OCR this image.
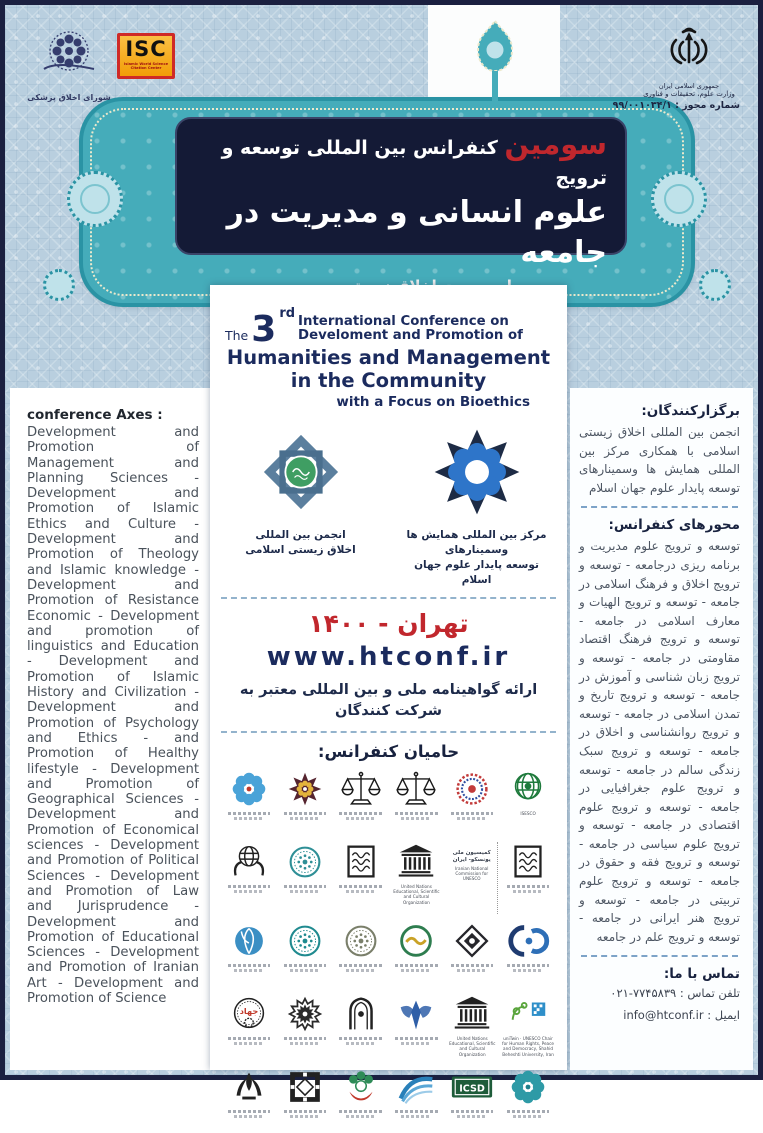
سومین کنفرانس بین المللی توسعه و ترویج
علوم انسانی و مدیریت در جامعه
شورای اخلاق پزشکی
ISC
Islamic World Science Citation Center
جمهوری اسلامی ایران
وزارت علوم، تحقیقات و فناوری
شماره مجوز : ۹۹/۰۰۱۰۳۴/۱
conference Axes :
Development and Promotion of Management and Planning Sciences - Development and Promotion of Islamic Ethics and Culture - Development and Promotion of Theology and Islamic knowledge - Development and Promotion of Resistance Economic - Development and promotion of linguistics and Education - Development and Promotion of Islamic History and Civilization - Development and Promotion of Psychology and Ethics - and Promotion of Healthy lifestyle - Development and Promotion of Geographical Sciences - Development and Promotion of Economical sciences - Development and Promotion of Political Sciences - Development and Promotion of Law and Jurisprudence - Development and Promotion of Educational Sciences - Development and Promotion of Iranian Art - Development and Promotion of Science
The 3 rd
International Conference on Develoment and Promotion of
Humanities and Management in the Community
with a Focus on Bioethics
انجمن بین المللی
اخلاق زیستی اسلامی
مرکز بین المللی همایش ها وسمینارهای
توسعه پایدار علوم جهان اسلام
تهران - ۱۴۰۰
www.htconf.ir
ارائه گواهینامه ملی و بین المللی معتبر به
شرکت کنندگان
حامیان کنفرانس:
ISESCO
United Nations Educational, Scientific and Cultural Organization
کمیسیون ملی یونسکو- ایران
Iranian National Commission for UNESCO
جهاد
United Nations Educational, Scientific and Cultural Organization
uniTwin · UNESCO Chair for Human Rights, Peace and Democracy, Shahid Beheshti University, Iran
ICSD
برگزارکنندگان:
انجمن بین المللی اخلاق زیستی اسلامی با همکاری مرکز بین المللی همایش ها وسمینارهای توسعه پایدار علوم جهان اسلام
محورهای کنفرانس:
توسعه و ترویج علوم مدیریت و برنامه ریزی درجامعه - توسعه و ترویج اخلاق و فرهنگ اسلامی در جامعه - توسعه و ترویج الهیات و معارف اسلامی در جامعه - توسعه و ترویج فرهنگ اقتصاد مقاومتی در جامعه - توسعه و ترویج زبان شناسی و آموزش در جامعه - توسعه و ترویج تاریخ و تمدن اسلامی در جامعه - توسعه و ترویج روانشناسی و اخلاق در جامعه - توسعه و ترویج سبک زندگی سالم در جامعه - توسعه و ترویج علوم جغرافیایی در جامعه - توسعه و ترویج علوم اقتصادی در جامعه - توسعه و ترویج علوم سیاسی در جامعه - توسعه و ترویج فقه و حقوق در جامعه - توسعه و ترویج علوم تربیتی در جامعه - توسعه و ترویج هنر ایرانی در جامعه - توسعه و ترویج علم در جامعه
تماس با ما:
تلفن تماس : ۰۲۱-۷۷۴۵۸۳۹
ایمیل : info@htconf.ir
